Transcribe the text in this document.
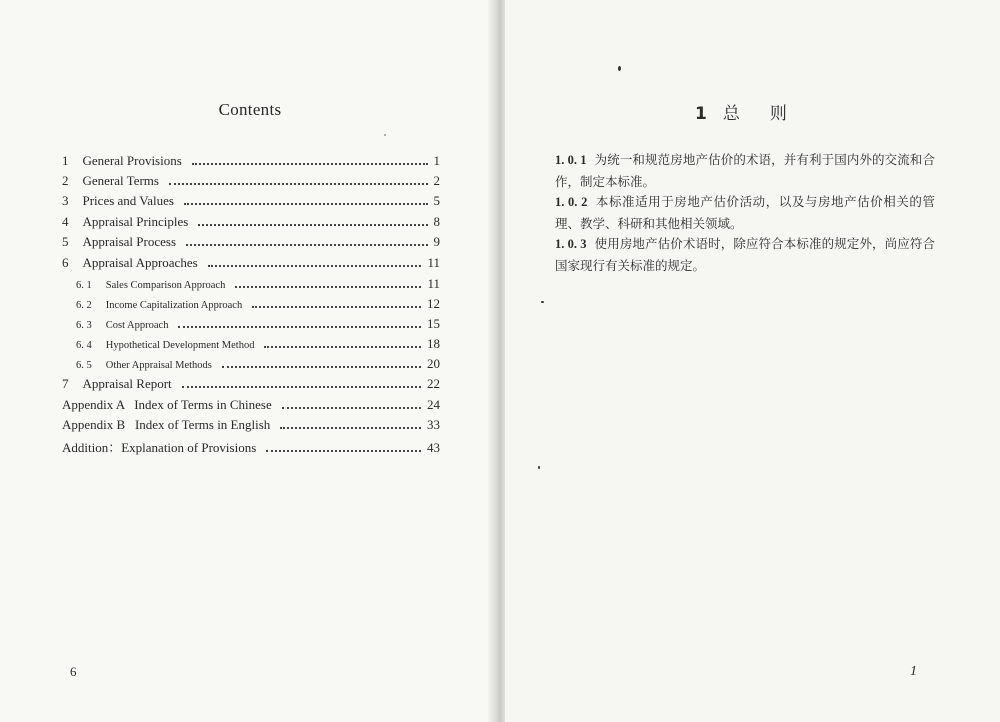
Contents
1 General Provisions	1
2 General Terms	2
3 Prices and Values	5
4 Appraisal Principles	8
5 Appraisal Process	9
6 Appraisal Approaches	11
6. 1 Sales Comparison Approach	11
6. 2 Income Capitalization Approach	12
6. 3 Cost Approach	15
6. 4 Hypothetical Development Method	18
6. 5 Other Appraisal Methods	20
7 Appraisal Report	22
Appendix A   Index of Terms in Chinese	24
Appendix B   Index of Terms in English	33
Addition：Explanation of Provisions	43
6
1 总 则
1. 0. 1 为统一和规范房地产估价的术语，并有利于国内外的交流和合作，制定本标准。
1. 0. 2 本标准适用于房地产估价活动，以及与房地产估价相关的管理、教学、科研和其他相关领域。
1. 0. 3 使用房地产估价术语时，除应符合本标准的规定外，尚应符合国家现行有关标准的规定。
1
